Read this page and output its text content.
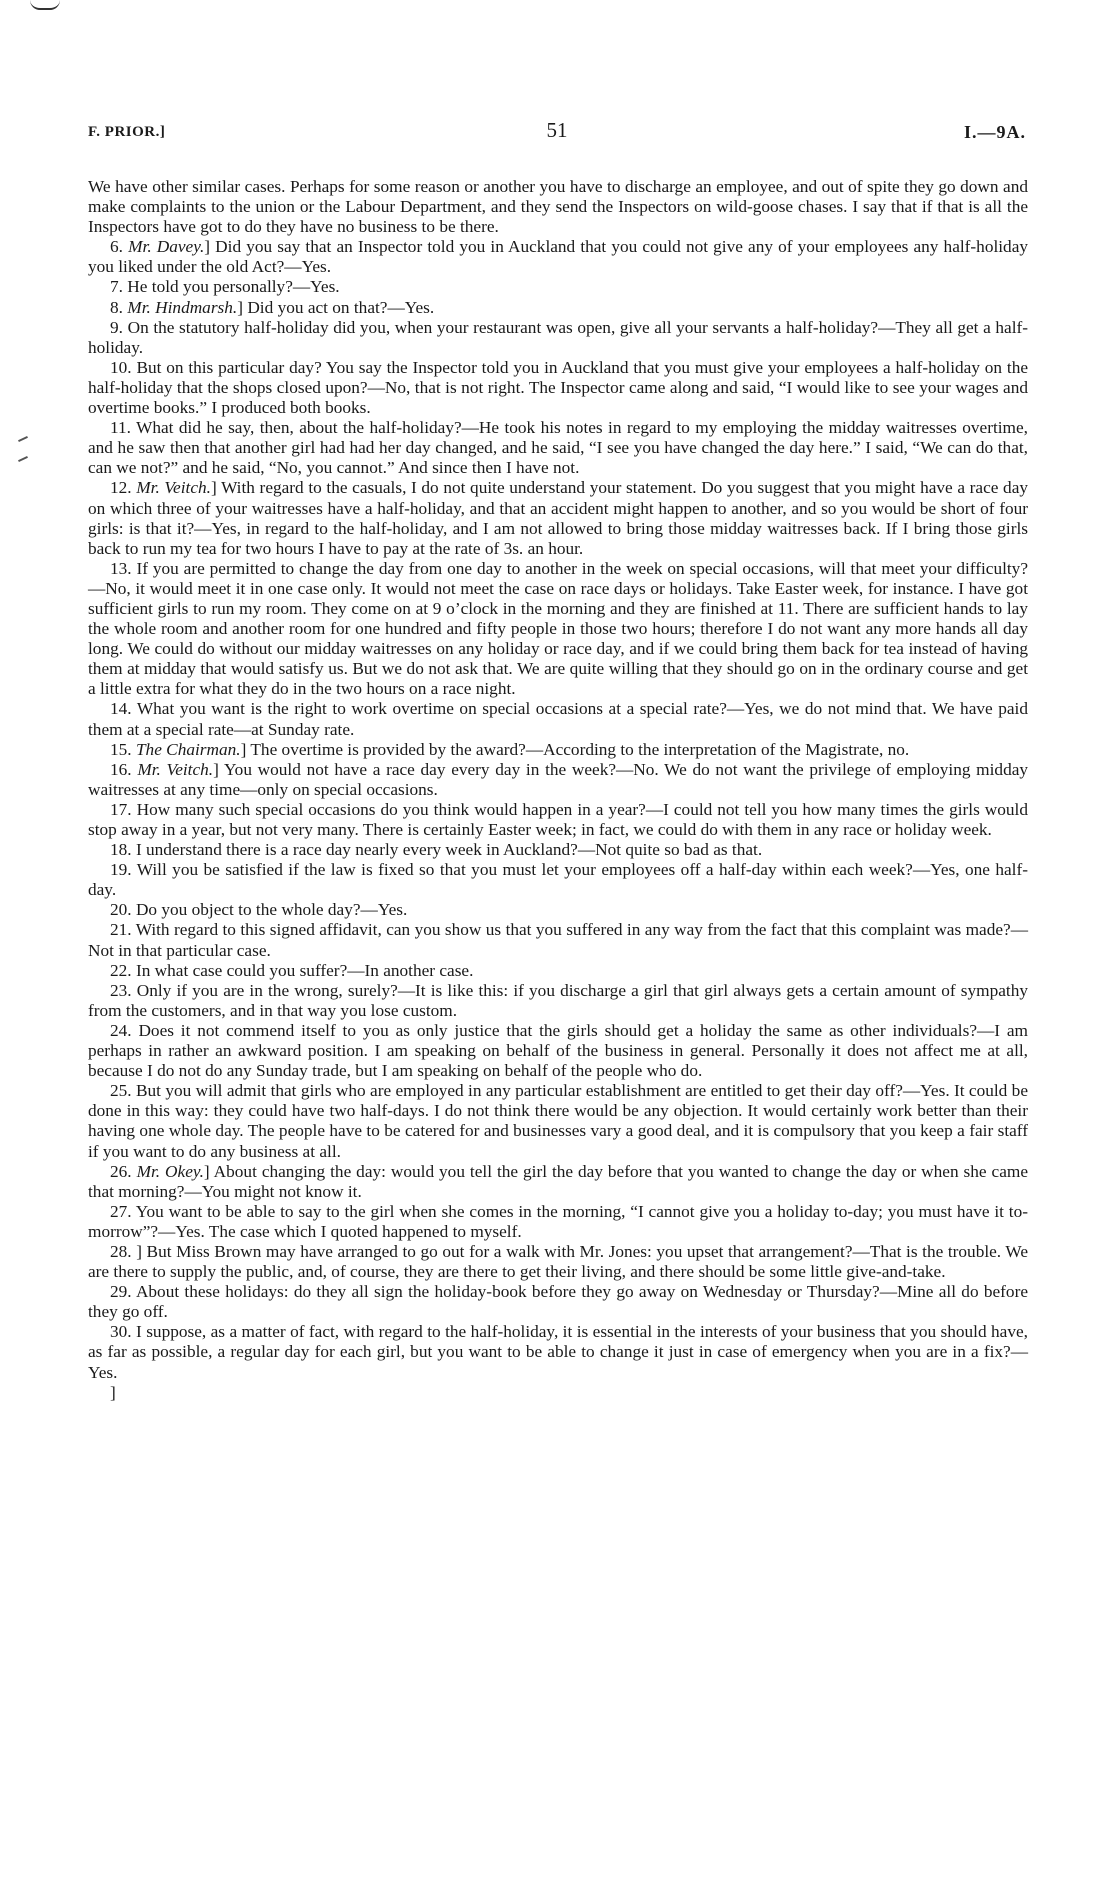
F. PRIOR.]	51	I.—9A.

We have other similar cases. Perhaps for some reason or another you have to discharge an employee, and out of spite they go down and make complaints to the union or the Labour Department, and they send the Inspectors on wild-goose chases. I say that if that is all the Inspectors have got to do they have no business to be there.

6. Mr. Davey.] Did you say that an Inspector told you in Auckland that you could not give any of your employees any half-holiday you liked under the old Act?—Yes.

7. He told you personally?—Yes.

8. Mr. Hindmarsh.] Did you act on that?—Yes.

9. On the statutory half-holiday did you, when your restaurant was open, give all your servants a half-holiday?—They all get a half-holiday.

10. But on this particular day? You say the Inspector told you in Auckland that you must give your employees a half-holiday on the half-holiday that the shops closed upon?—No, that is not right. The Inspector came along and said, “I would like to see your wages and overtime books.” I produced both books.

11. What did he say, then, about the half-holiday?—He took his notes in regard to my employing the midday waitresses overtime, and he saw then that another girl had had her day changed, and he said, “I see you have changed the day here.” I said, “We can do that, can we not?” and he said, “No, you cannot.” And since then I have not.

12. Mr. Veitch.] With regard to the casuals, I do not quite understand your statement. Do you suggest that you might have a race day on which three of your waitresses have a half-holiday, and that an accident might happen to another, and so you would be short of four girls: is that it?—Yes, in regard to the half-holiday, and I am not allowed to bring those midday waitresses back. If I bring those girls back to run my tea for two hours I have to pay at the rate of 3s. an hour.

13. If you are permitted to change the day from one day to another in the week on special occasions, will that meet your difficulty?—No, it would meet it in one case only. It would not meet the case on race days or holidays. Take Easter week, for instance. I have got sufficient girls to run my room. They come on at 9 o’clock in the morning and they are finished at 11. There are sufficient hands to lay the whole room and another room for one hundred and fifty people in those two hours; therefore I do not want any more hands all day long. We could do without our midday waitresses on any holiday or race day, and if we could bring them back for tea instead of having them at midday that would satisfy us. But we do not ask that. We are quite willing that they should go on in the ordinary course and get a little extra for what they do in the two hours on a race night.

14. What you want is the right to work overtime on special occasions at a special rate?—Yes, we do not mind that. We have paid them at a special rate—at Sunday rate.

15. The Chairman.] The overtime is provided by the award?—According to the interpretation of the Magistrate, no.

16. Mr. Veitch.] You would not have a race day every day in the week?—No. We do not want the privilege of employing midday waitresses at any time—only on special occasions.

17. How many such special occasions do you think would happen in a year?—I could not tell you how many times the girls would stop away in a year, but not very many. There is certainly Easter week; in fact, we could do with them in any race or holiday week.

18. I understand there is a race day nearly every week in Auckland?—Not quite so bad as that.

19. Will you be satisfied if the law is fixed so that you must let your employees off a half-day within each week?—Yes, one half-day.

20. Do you object to the whole day?—Yes.

21. With regard to this signed affidavit, can you show us that you suffered in any way from the fact that this complaint was made?—Not in that particular case.

22. In what case could you suffer?—In another case.

23. Only if you are in the wrong, surely?—It is like this: if you discharge a girl that girl always gets a certain amount of sympathy from the customers, and in that way you lose custom.

24. Does it not commend itself to you as only justice that the girls should get a holiday the same as other individuals?—I am perhaps in rather an awkward position. I am speaking on behalf of the business in general. Personally it does not affect me at all, because I do not do any Sunday trade, but I am speaking on behalf of the people who do.

25. But you will admit that girls who are employed in any particular establishment are entitled to get their day off?—Yes. It could be done in this way: they could have two half-days. I do not think there would be any objection. It would certainly work better than their having one whole day. The people have to be catered for and businesses vary a good deal, and it is compulsory that you keep a fair staff if you want to do any business at all.

26. Mr. Okey.] About changing the day: would you tell the girl the day before that you wanted to change the day or when she came that morning?—You might not know it.

27. You want to be able to say to the girl when she comes in the morning, “I cannot give you a holiday to-day; you must have it to-morrow”?—Yes. The case which I quoted happened to myself.

28. ] But Miss Brown may have arranged to go out for a walk with Mr. Jones: you upset that arrangement?—That is the trouble. We are there to supply the public, and, of course, they are there to get their living, and there should be some little give-and-take.

29. About these holidays: do they all sign the holiday-book before they go away on Wednesday or Thursday?—Mine all do before they go off.

30. I suppose, as a matter of fact, with regard to the half-holiday, it is essential in the interests of your business that you should have, as far as possible, a regular day for each girl, but you want to be able to change it just in case of emergency when you are in a fix?—Yes.

]
